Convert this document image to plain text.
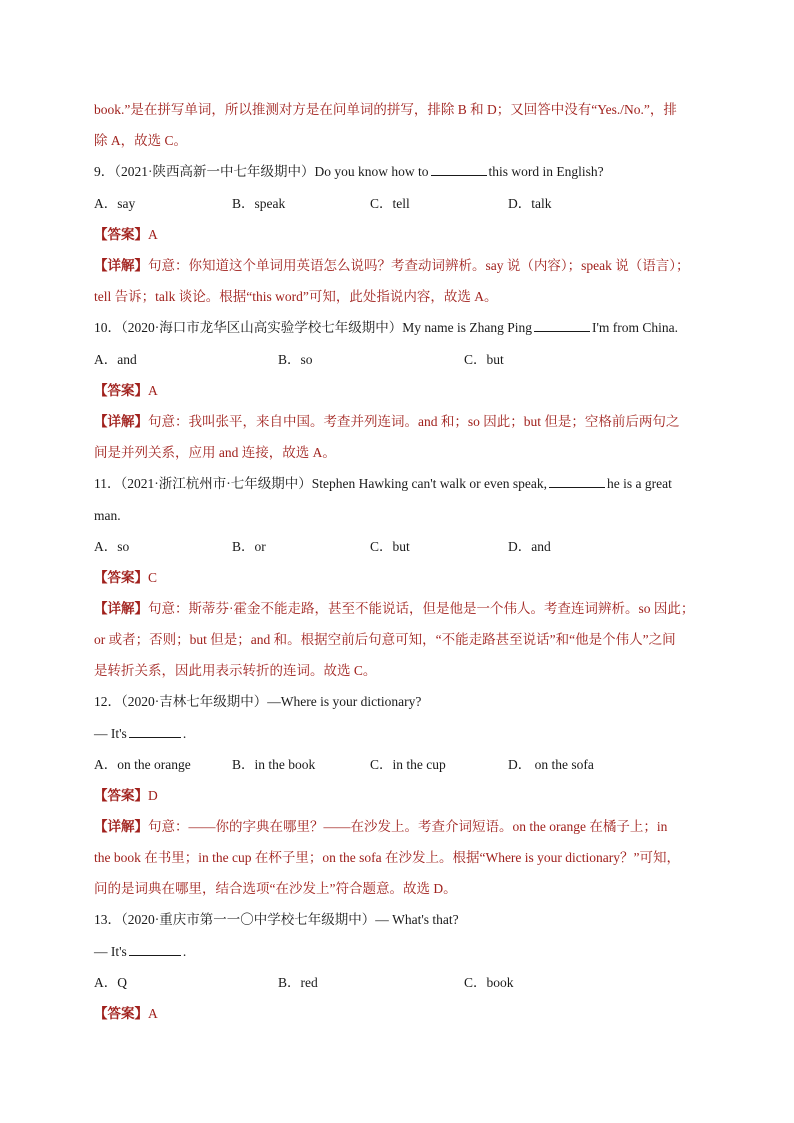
book.”是在拼写单词，所以推测对方是在问单词的拼写，排除 B 和 D；又回答中没有“Yes./No.”，排
除 A，故选 C。
9．（2021·陕西高新一中七年级期中）Do you know how to	this word in English?
A．say	B．speak	C．tell	D．talk
【答案】A
【详解】句意：你知道这个单词用英语怎么说吗？考查动词辨析。say 说（内容）；speak 说（语言）；
tell 告诉；talk 谈论。根据“this word”可知，此处指说内容，故选 A。
10．（2020·海口市龙华区山高实验学校七年级期中）My name is Zhang Ping	I'm from China.
A．and	B．so	C．but
【答案】A
【详解】句意：我叫张平，来自中国。考查并列连词。and 和；so 因此；but 但是；空格前后两句之
间是并列关系，应用 and 连接，故选 A。
11．（2021·浙江杭州市·七年级期中）Stephen Hawking can't walk or even speak,	he is a great
man.
A．so	B．or	C．but	D．and
【答案】C
【详解】句意：斯蒂芬·霍金不能走路，甚至不能说话，但是他是一个伟人。考查连词辨析。so 因此；
or 或者；否则；but 但是；and 和。根据空前后句意可知，“不能走路甚至说话”和“他是个伟人”之间
是转折关系，因此用表示转折的连词。故选 C。
12．（2020·吉林七年级期中）—Where is your dictionary?
— It's	.
A．on the orange	B．in the book	C．in the cup	D． on the sofa
【答案】D
【详解】句意：——你的字典在哪里？——在沙发上。考查介词短语。on the orange 在橘子上；in
the book 在书里；in the cup 在杯子里；on the sofa 在沙发上。根据“Where is your dictionary？”可知，
问的是词典在哪里，结合选项“在沙发上”符合题意。故选 D。
13．（2020·重庆市第一一〇中学校七年级期中）— What's that?
— It's	.
A．Q	B．red	C．book
【答案】A
